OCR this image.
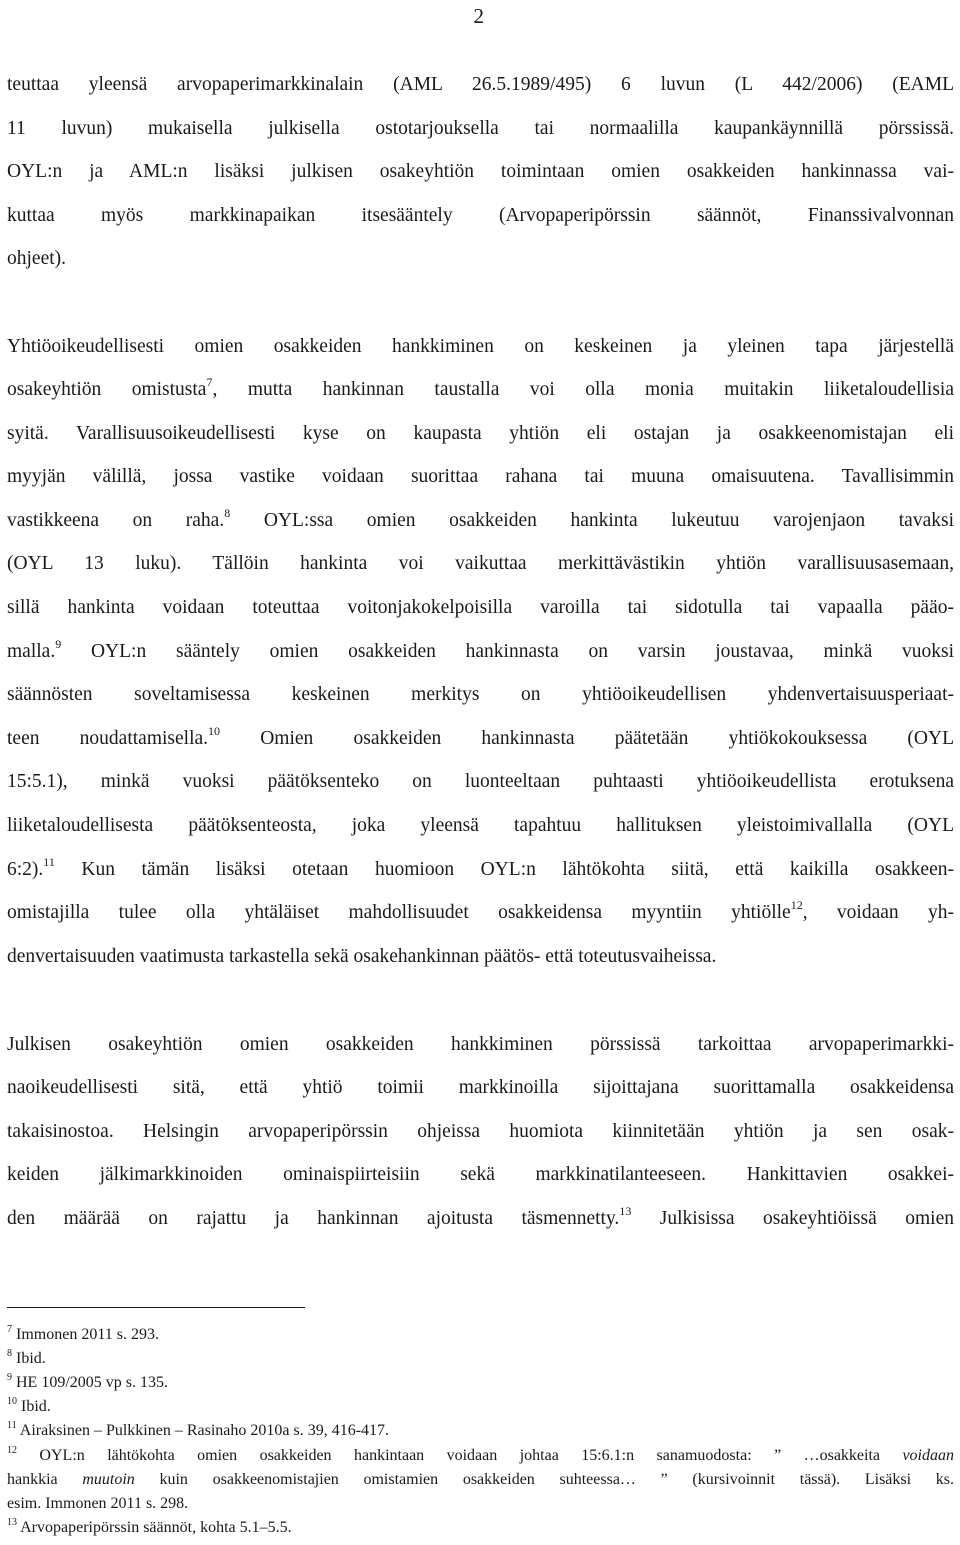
2
teuttaa yleensä arvopaperimarkkinalain (AML 26.5.1989/495) 6 luvun (L 442/2006) (EAML
11 luvun) mukaisella julkisella ostotarjouksella tai normaalilla kaupankäynnillä pörssissä.
OYL:n ja AML:n lisäksi julkisen osakeyhtiön toimintaan omien osakkeiden hankinnassa vai-
kuttaa myös markkinapaikan itsesääntely (Arvopaperipörssin säännöt, Finanssivalvonnan
ohjeet).
Yhtiöoikeudellisesti omien osakkeiden hankkiminen on keskeinen ja yleinen tapa järjestellä
osakeyhtiön omistusta$^7$, mutta hankinnan taustalla voi olla monia muitakin liiketaloudellisia
syitä. Varallisuusoikeudellisesti kyse on kaupasta yhtiön eli ostajan ja osakkeenomistajan eli
myyjän välillä, jossa vastike voidaan suorittaa rahana tai muuna omaisuutena. Tavallisimmin
vastikkeena on raha.$^8$ OYL:ssa omien osakkeiden hankinta lukeutuu varojenjaon tavaksi
(OYL 13 luku). Tällöin hankinta voi vaikuttaa merkittävästikin yhtiön varallisuusasemaan,
sillä hankinta voidaan toteuttaa voitonjakokelpoisilla varoilla tai sidotulla tai vapaalla pääo-
malla.$^9$ OYL:n sääntely omien osakkeiden hankinnasta on varsin joustavaa, minkä vuoksi
säännösten soveltamisessa keskeinen merkitys on yhtiöoikeudellisen yhdenvertaisuusperiaat-
teen noudattamisella.$^{10}$ Omien osakkeiden hankinnasta päätetään yhtiökokouksessa (OYL
15:5.1), minkä vuoksi päätöksenteko on luonteeltaan puhtaasti yhtiöoikeudellista erotuksena
liiketaloudellisesta päätöksenteosta, joka yleensä tapahtuu hallituksen yleistoimivallalla (OYL
6:2).$^{11}$ Kun tämän lisäksi otetaan huomioon OYL:n lähtökohta siitä, että kaikilla osakkeen-
omistajilla tulee olla yhtäläiset mahdollisuudet osakkeidensa myyntiin yhtiölle$^{12}$, voidaan yh-
denvertaisuuden vaatimusta tarkastella sekä osakehankinnan päätös- että toteutusvaiheissa.
Julkisen osakeyhtiön omien osakkeiden hankkiminen pörssissä tarkoittaa arvopaperimarkki-
naoikeudellisesti sitä, että yhtiö toimii markkinoilla sijoittajana suorittamalla osakkeidensa
takaisinostoa. Helsingin arvopaperipörssin ohjeissa huomiota kiinnitetään yhtiön ja sen osak-
keiden jälkimarkkinoiden ominaispiirteisiin sekä markkinatilanteeseen. Hankittavien osakkei-
den määrää on rajattu ja hankinnan ajoitusta täsmennetty.$^{13}$ Julkisissa osakeyhtiöissä omien
$^7$ Immonen 2011 s. 293.
$^8$ Ibid.
$^9$ HE 109/2005 vp s. 135.
$^{10}$ Ibid.
$^{11}$ Airaksinen – Pulkkinen – Rasinaho 2010a s. 39, 416-417.
$^{12}$ OYL:n lähtökohta omien osakkeiden hankintaan voidaan johtaa 15:6.1:n sanamuodosta: ” …osakkeita voidaan
hankkia muutoin kuin osakkeenomistajien omistamien osakkeiden suhteessa… ” (kursivoinnit tässä). Lisäksi ks.
esim. Immonen 2011 s. 298.
$^{13}$ Arvopaperipörssin säännöt, kohta 5.1–5.5.
